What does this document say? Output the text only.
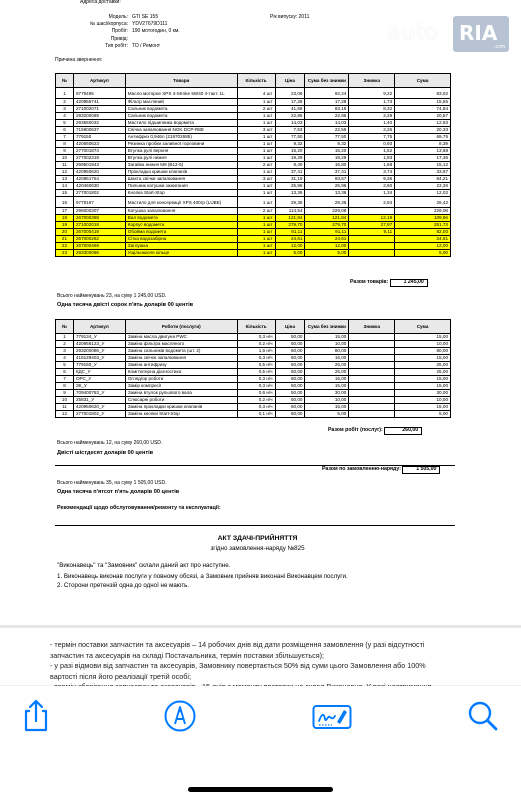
auto RIA
.com
Адреса доставки:
Модель: GTI SE 155	Рік випуску: 2011
№ шасі/корпуса: YDV27679D111
Пробіг: 190 мотогодин, 0 км.
Привід:
Тип робіт: ТО / Ремонт
Причина звернення:
№	Артикул	Товари	Кількість	Ціна	Сума без знижки	Знижка	Сума
1	9779495	Масло моторне XPS 4-Stroke 5W40 4-такт. 1L	4 шт	23,06	92,24	9,22	83,02
2	420956741	Фільтр масляний	1 шт	17,28	17,28	1,73	15,55
3	271002071	Сальник водомета	2 шт	41,58	83,16	8,32	74,84
4	293200089	Сальник водомета	1 шт	22,85	22,86	2,29	20,57
5	293550032	Мастило підшипника водомета	1 шт	14,03	14,03	1,40	12,63
6	715900637	Свічка запалювання NGK DCP-R8E	3 шт	7,53	22,59	2,26	20,33
7	779150	Антифриз 0,946л (219702685)	1 шт	77,50	77,50	7,75	69,75
8	420660623	Резинка пробки заливної горловини	1 шт	9,32	9,32	0,93	8,39
9	277001874	Втулка рулі верхня	1 шт	15,20	15,20	1,52	13,68
10	277002318	Втулка рулі нижня	1 шт	19,29	19,29	1,93	17,36
11	269501943	Загайка нижня М8 (В12-5)	2 шт	8,40	16,80	1,68	15,12
12	420950620	Прокладка кришки клапанів	1 шт	37,41	37,41	3,74	33,67
13	420851754	Шахта свічки запалювання	3 шт	31,19	93,57	9,36	84,21
14	420460630	Пильник катушки зажигания	1 шт	25,96	25,96	2,60	23,36
15	277001802	Кнопка Start-Stop	1 шт	13,36	13,36	1,34	12,02
16	9779167	Мастило для консервації XPS 400гр (LUBE)	1 шт	29,36	29,36	2,94	26,42
17	296000307	Катушка запалювання	2 шт	114,54	229,08		229,08
18	267000388	Вал водомета	1 шт	121,84	121,84	12,18	109,66
19	271002018	Корпус водомета	1 шт	279,70	279,70	27,97	251,73
20	267000419	Обойма водомета	1 шт	91,11	91,11	9,11	82,00
21	267000262	Сітка водозабірна	1 шт	24,61	24,61		24,61
22	267000469	Заглушка	1 шт	12,00	12,00		12,00
23	293300086	Ущільнююче кільце	1 шт	5,00	5,00		5,00
Разом товарів:	1 245,00
Всього найменувань 23, на суму 1 245,00 USD.
Одна тисяча двісті сорок п'ять доларів 00 центів
№	Артикул	Роботи (послуги)	Кількість	Ціна	Сума без знижки	Знижка	Сума
1	779134_У	Заміна масла двигуна PWC	0,3 н/ч	50,00	15,00		15,00
2	420956123_У	Заміна фільтра масляного	0,2 н/ч	50,00	10,00		10,00
3	293200086_У	Заміна сальників водомета (шт. 2)	1,6 н/ч	50,00	80,00		80,00
4	415129403_У	Заміна свічок запалювання	0,3 н/ч	50,00	15,00		15,00
5	779150_У	Заміна антифризу	0,5 н/ч	50,00	25,00		25,00
6	КДС_У	Комп'ютерна діагностика	0,5 н/ч	50,00	25,00		25,00
7	ОРС_У	Огляд/ор роботи	0,3 н/ч	50,00	15,00		15,00
8	ЗК_У	Замір компресії	0,3 н/ч	50,00	15,00		15,00
9	709400783_У	Заміна втулок рульового вала	0,6 н/ч	50,00	30,00		30,00
10	25831_У	Слюсарні роботи	0,2 н/ч	50,00	10,00		10,00
11	420950620_У	Заміна прокладки кришки клапанів	0,3 н/ч	50,00	15,00		15,00
12	277001802_У	Заміна кнопки Start-Stop	0,1 н/ч	50,00	5,00		5,00
Разом робіт (послуг):	260,00
Всього найменувань 12, на суму 260,00 USD.
Двісті шістдесят доларів 00 центів
Разом по замовленню-наряду:	1 505,00
Всього найменувань 35, на суму 1 505,00 USD.
Одна тисяча п'ятсот п'ять доларів 00 центів
Рекомендації щодо обслуговування/ремонту та експлуатації:
АКТ ЗДАЧІ-ПРИЙНЯТТЯ
згідно замовлення-наряду №825
"Виконавець" та "Замовник" склали даний акт про наступне.
1. Виконавець виконав послуги у повному обсязі, а Замовник прийняв виконані Виконавцем послуги.
2. Сторони претензій одна до одної не мають.
- термін поставки запчастин та аксесуарів – 14 робочих днів від дати розміщення замовлення (у разі відсутності
запчастин та аксесуарів на складі Постачальника, термін поставки збільшується);
- у разі відмови від запчастин та аксесуарів, Замовнику повертається 50% від суми цього Замовлення або 100%
вартості після його реалізації третій особі;
